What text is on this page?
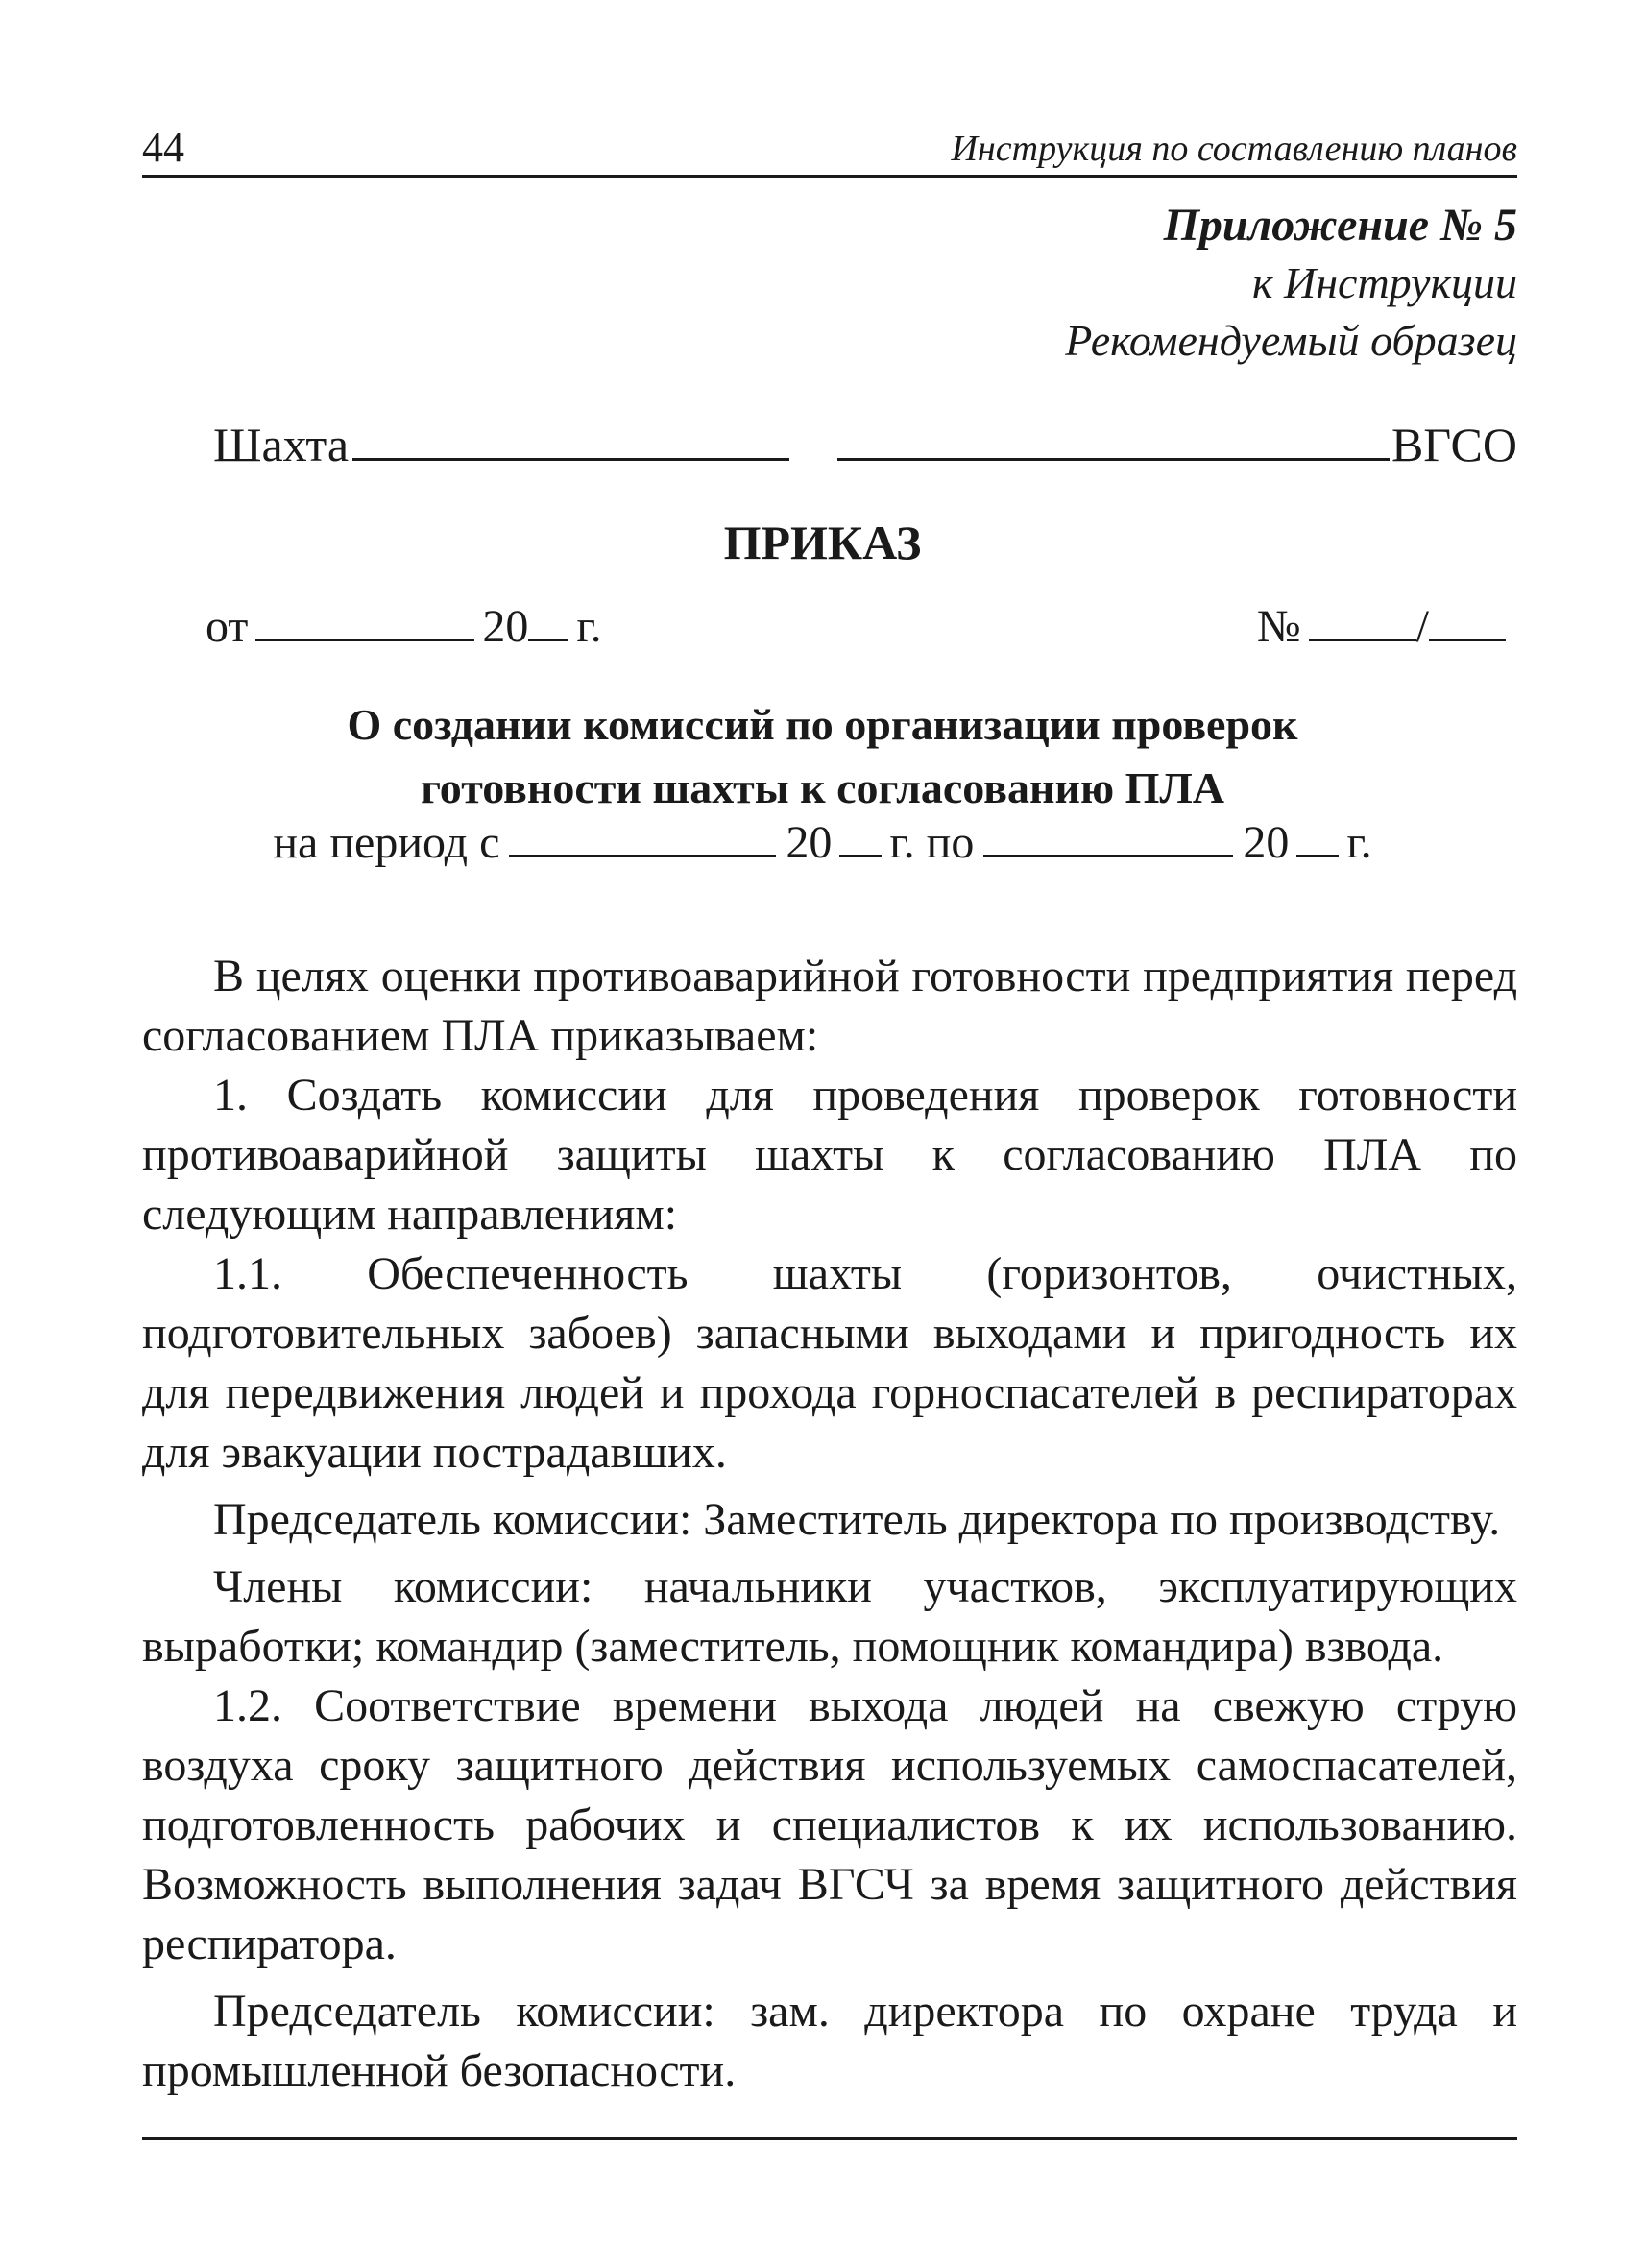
44	Инструкция по составлению планов
Приложение № 5
к Инструкции
Рекомендуемый образец
Шахта	ВГСО
ПРИКАЗ
от	20 г.	№	/
О создании комиссий по организации проверок
готовности шахты к согласованию ПЛА
на период с	20 г. по	20 г.

В целях оценки противоаварийной готовности предприятия перед согласованием ПЛА приказываем:

1. Создать комиссии для проведения проверок готовности противоаварийной защиты шахты к согласованию ПЛА по следующим направлениям:

1.1. Обеспеченность шахты (горизонтов, очистных, подготовительных забоев) запасными выходами и пригодность их для передвижения людей и прохода горноспасателей в респираторах для эвакуации пострадавших.

Председатель комиссии: Заместитель директора по производству.

Члены комиссии: начальники участков, эксплуатирующих выработки; командир (заместитель, помощник командира) взвода.

1.2. Соответствие времени выхода людей на свежую струю воздуха сроку защитного действия используемых самоспасателей, подготовленность рабочих и специалистов к их использованию. Возможность выполнения задач ВГСЧ за время защитного действия респиратора.

Председатель комиссии: зам. директора по охране труда и промышленной безопасности.
